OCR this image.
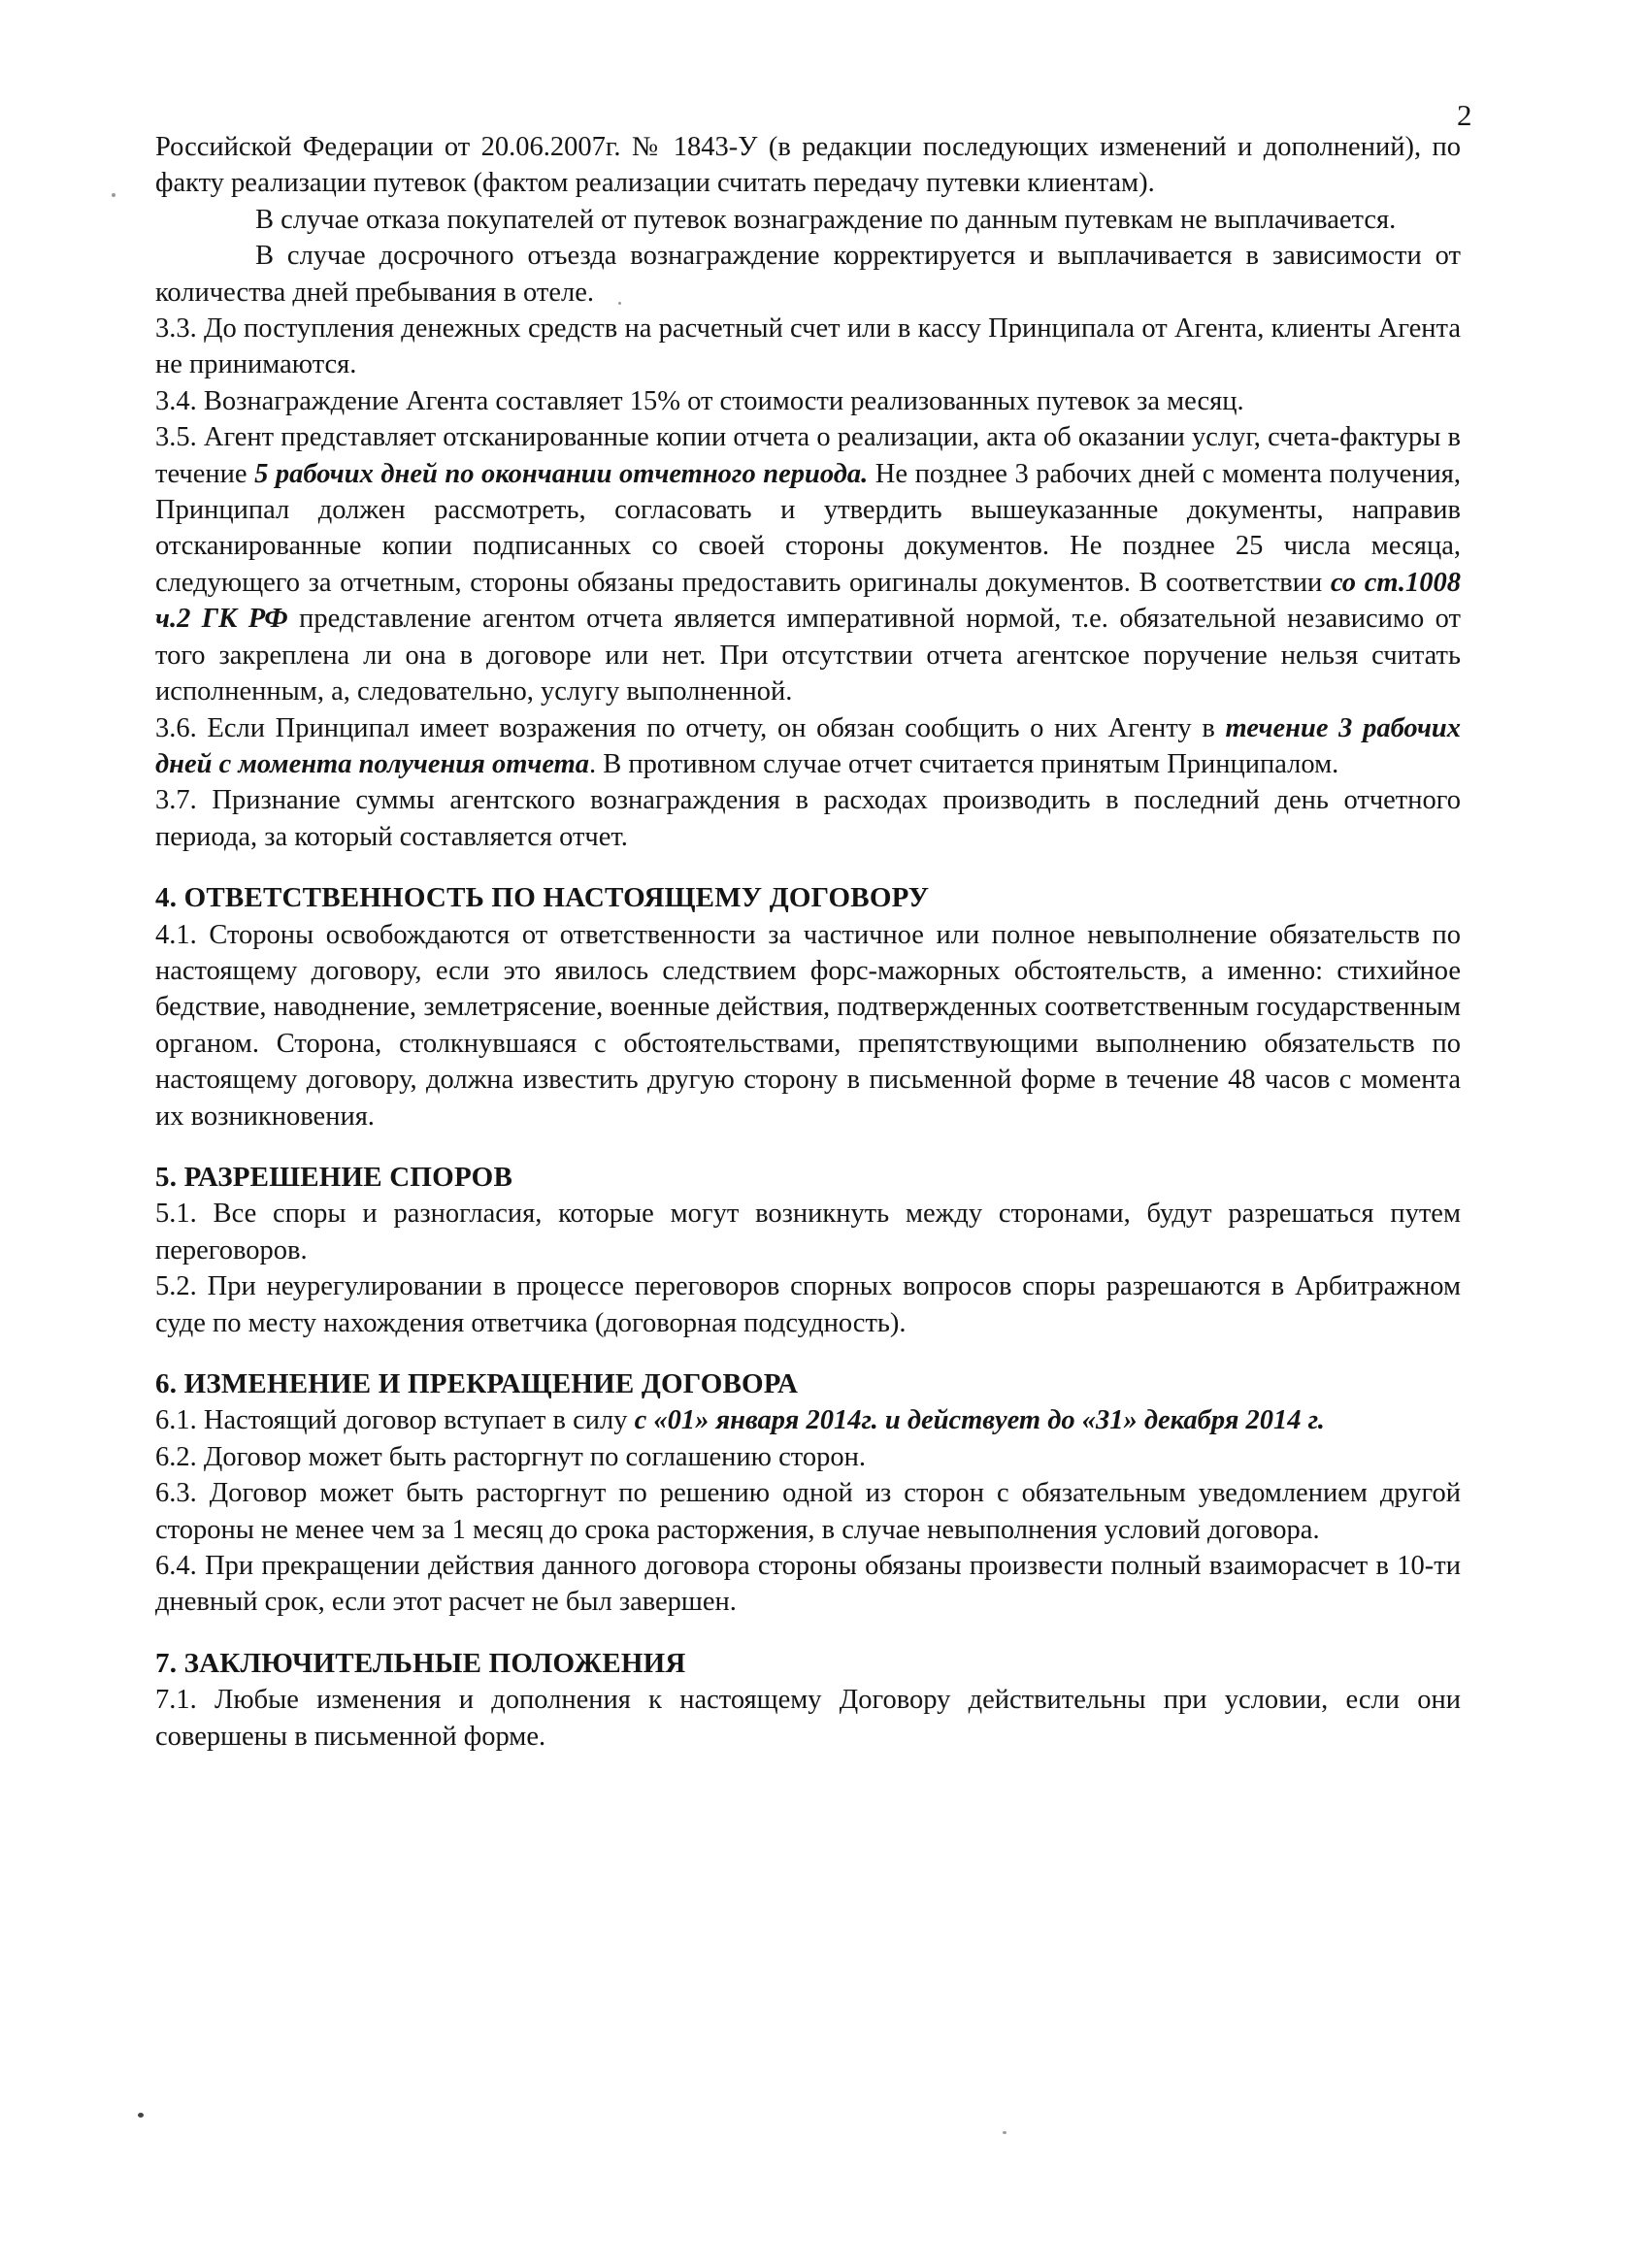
2

Российской Федерации от 20.06.2007г. № 1843-У (в редакции последующих изменений и дополнений), по факту реализации путевок (фактом реализации считать передачу путевки клиентам).

В случае отказа покупателей от путевок вознаграждение по данным путевкам не выплачивается.

В случае досрочного отъезда вознаграждение корректируется и выплачивается в зависимости от количества дней пребывания в отеле.

3.3. До поступления денежных средств на расчетный счет или в кассу Принципала от Агента, клиенты Агента не принимаются.

3.4. Вознаграждение Агента составляет 15% от стоимости реализованных путевок за месяц.

3.5. Агент представляет отсканированные копии отчета о реализации, акта об оказании услуг, счета-фактуры в течение 5 рабочих дней по окончании отчетного периода. Не позднее 3 рабочих дней с момента получения, Принципал должен рассмотреть, согласовать и утвердить вышеуказанные документы, направив отсканированные копии подписанных со своей стороны документов. Не позднее 25 числа месяца, следующего за отчетным, стороны обязаны предоставить оригиналы документов. В соответствии со ст.1008 ч.2 ГК РФ представление агентом отчета является императивной нормой, т.е. обязательной независимо от того закреплена ли она в договоре или нет. При отсутствии отчета агентское поручение нельзя считать исполненным, а, следовательно, услугу выполненной.

3.6. Если Принципал имеет возражения по отчету, он обязан сообщить о них Агенту в течение 3 рабочих дней с момента получения отчета. В противном случае отчет считается принятым Принципалом.

3.7. Признание суммы агентского вознаграждения в расходах производить в последний день отчетного периода, за который составляется отчет.

4. ОТВЕТСТВЕННОСТЬ ПО НАСТОЯЩЕМУ ДОГОВОРУ

4.1. Стороны освобождаются от ответственности за частичное или полное невыполнение обязательств по настоящему договору, если это явилось следствием форс-мажорных обстоятельств, а именно: стихийное бедствие, наводнение, землетрясение, военные действия, подтвержденных соответственным государственным органом. Сторона, столкнувшаяся с обстоятельствами, препятствующими выполнению обязательств по настоящему договору, должна известить другую сторону в письменной форме в течение 48 часов с момента их возникновения.

5. РАЗРЕШЕНИЕ СПОРОВ

5.1. Все споры и разногласия, которые могут возникнуть между сторонами, будут разрешаться путем переговоров.

5.2. При неурегулировании в процессе переговоров спорных вопросов споры разрешаются в Арбитражном суде по месту нахождения ответчика (договорная подсудность).

6. ИЗМЕНЕНИЕ И ПРЕКРАЩЕНИЕ ДОГОВОРА

6.1. Настоящий договор вступает в силу с «01» января 2014г. и действует до «31» декабря 2014 г.

6.2. Договор может быть расторгнут по соглашению сторон.

6.3. Договор может быть расторгнут по решению одной из сторон с обязательным уведомлением другой стороны не менее чем за 1 месяц до срока расторжения, в случае невыполнения условий договора.

6.4. При прекращении действия данного договора стороны обязаны произвести полный взаиморасчет в 10-ти дневный срок, если этот расчет не был завершен.

7. ЗАКЛЮЧИТЕЛЬНЫЕ ПОЛОЖЕНИЯ

7.1. Любые изменения и дополнения к настоящему Договору действительны при условии, если они совершены в письменной форме.
